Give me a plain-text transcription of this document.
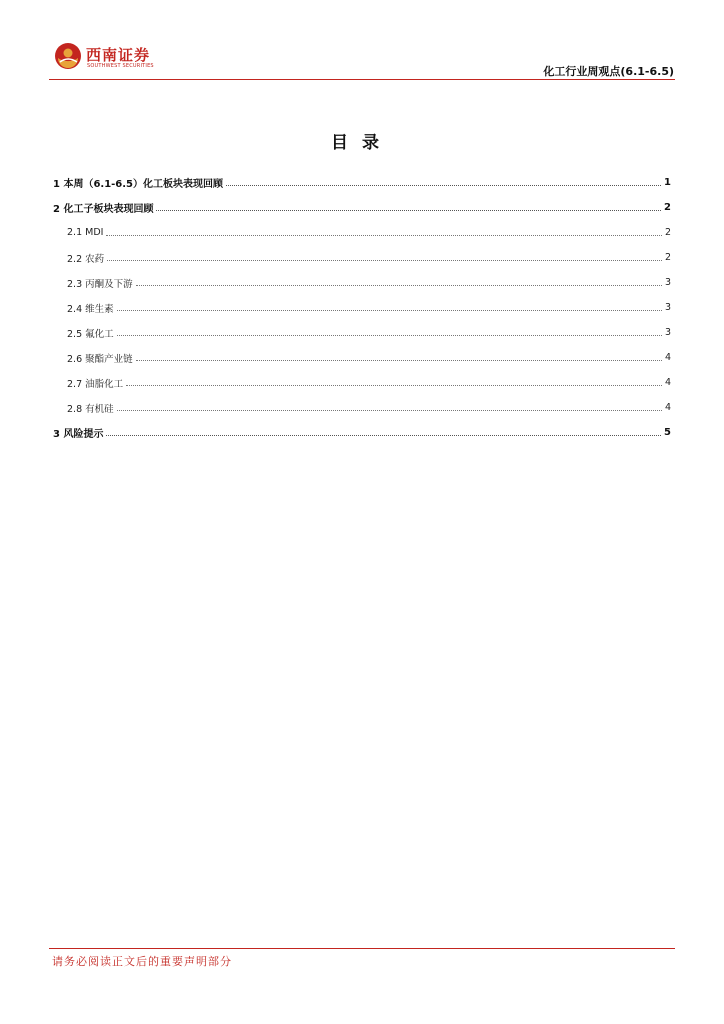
西南证券
SOUTHWEST SECURITIES	化工行业周观点(6.1-6.5)
目录
1 本周（6.1-6.5）化工板块表现回顾	1
2 化工子板块表现回顾	2
2.1 MDI	2
2.2 农药	2
2.3 丙酮及下游	3
2.4 维生素	3
2.5 氟化工	3
2.6 聚酯产业链	4
2.7 油脂化工	4
2.8 有机硅	4
3 风险提示	5
请务必阅读正文后的重要声明部分
